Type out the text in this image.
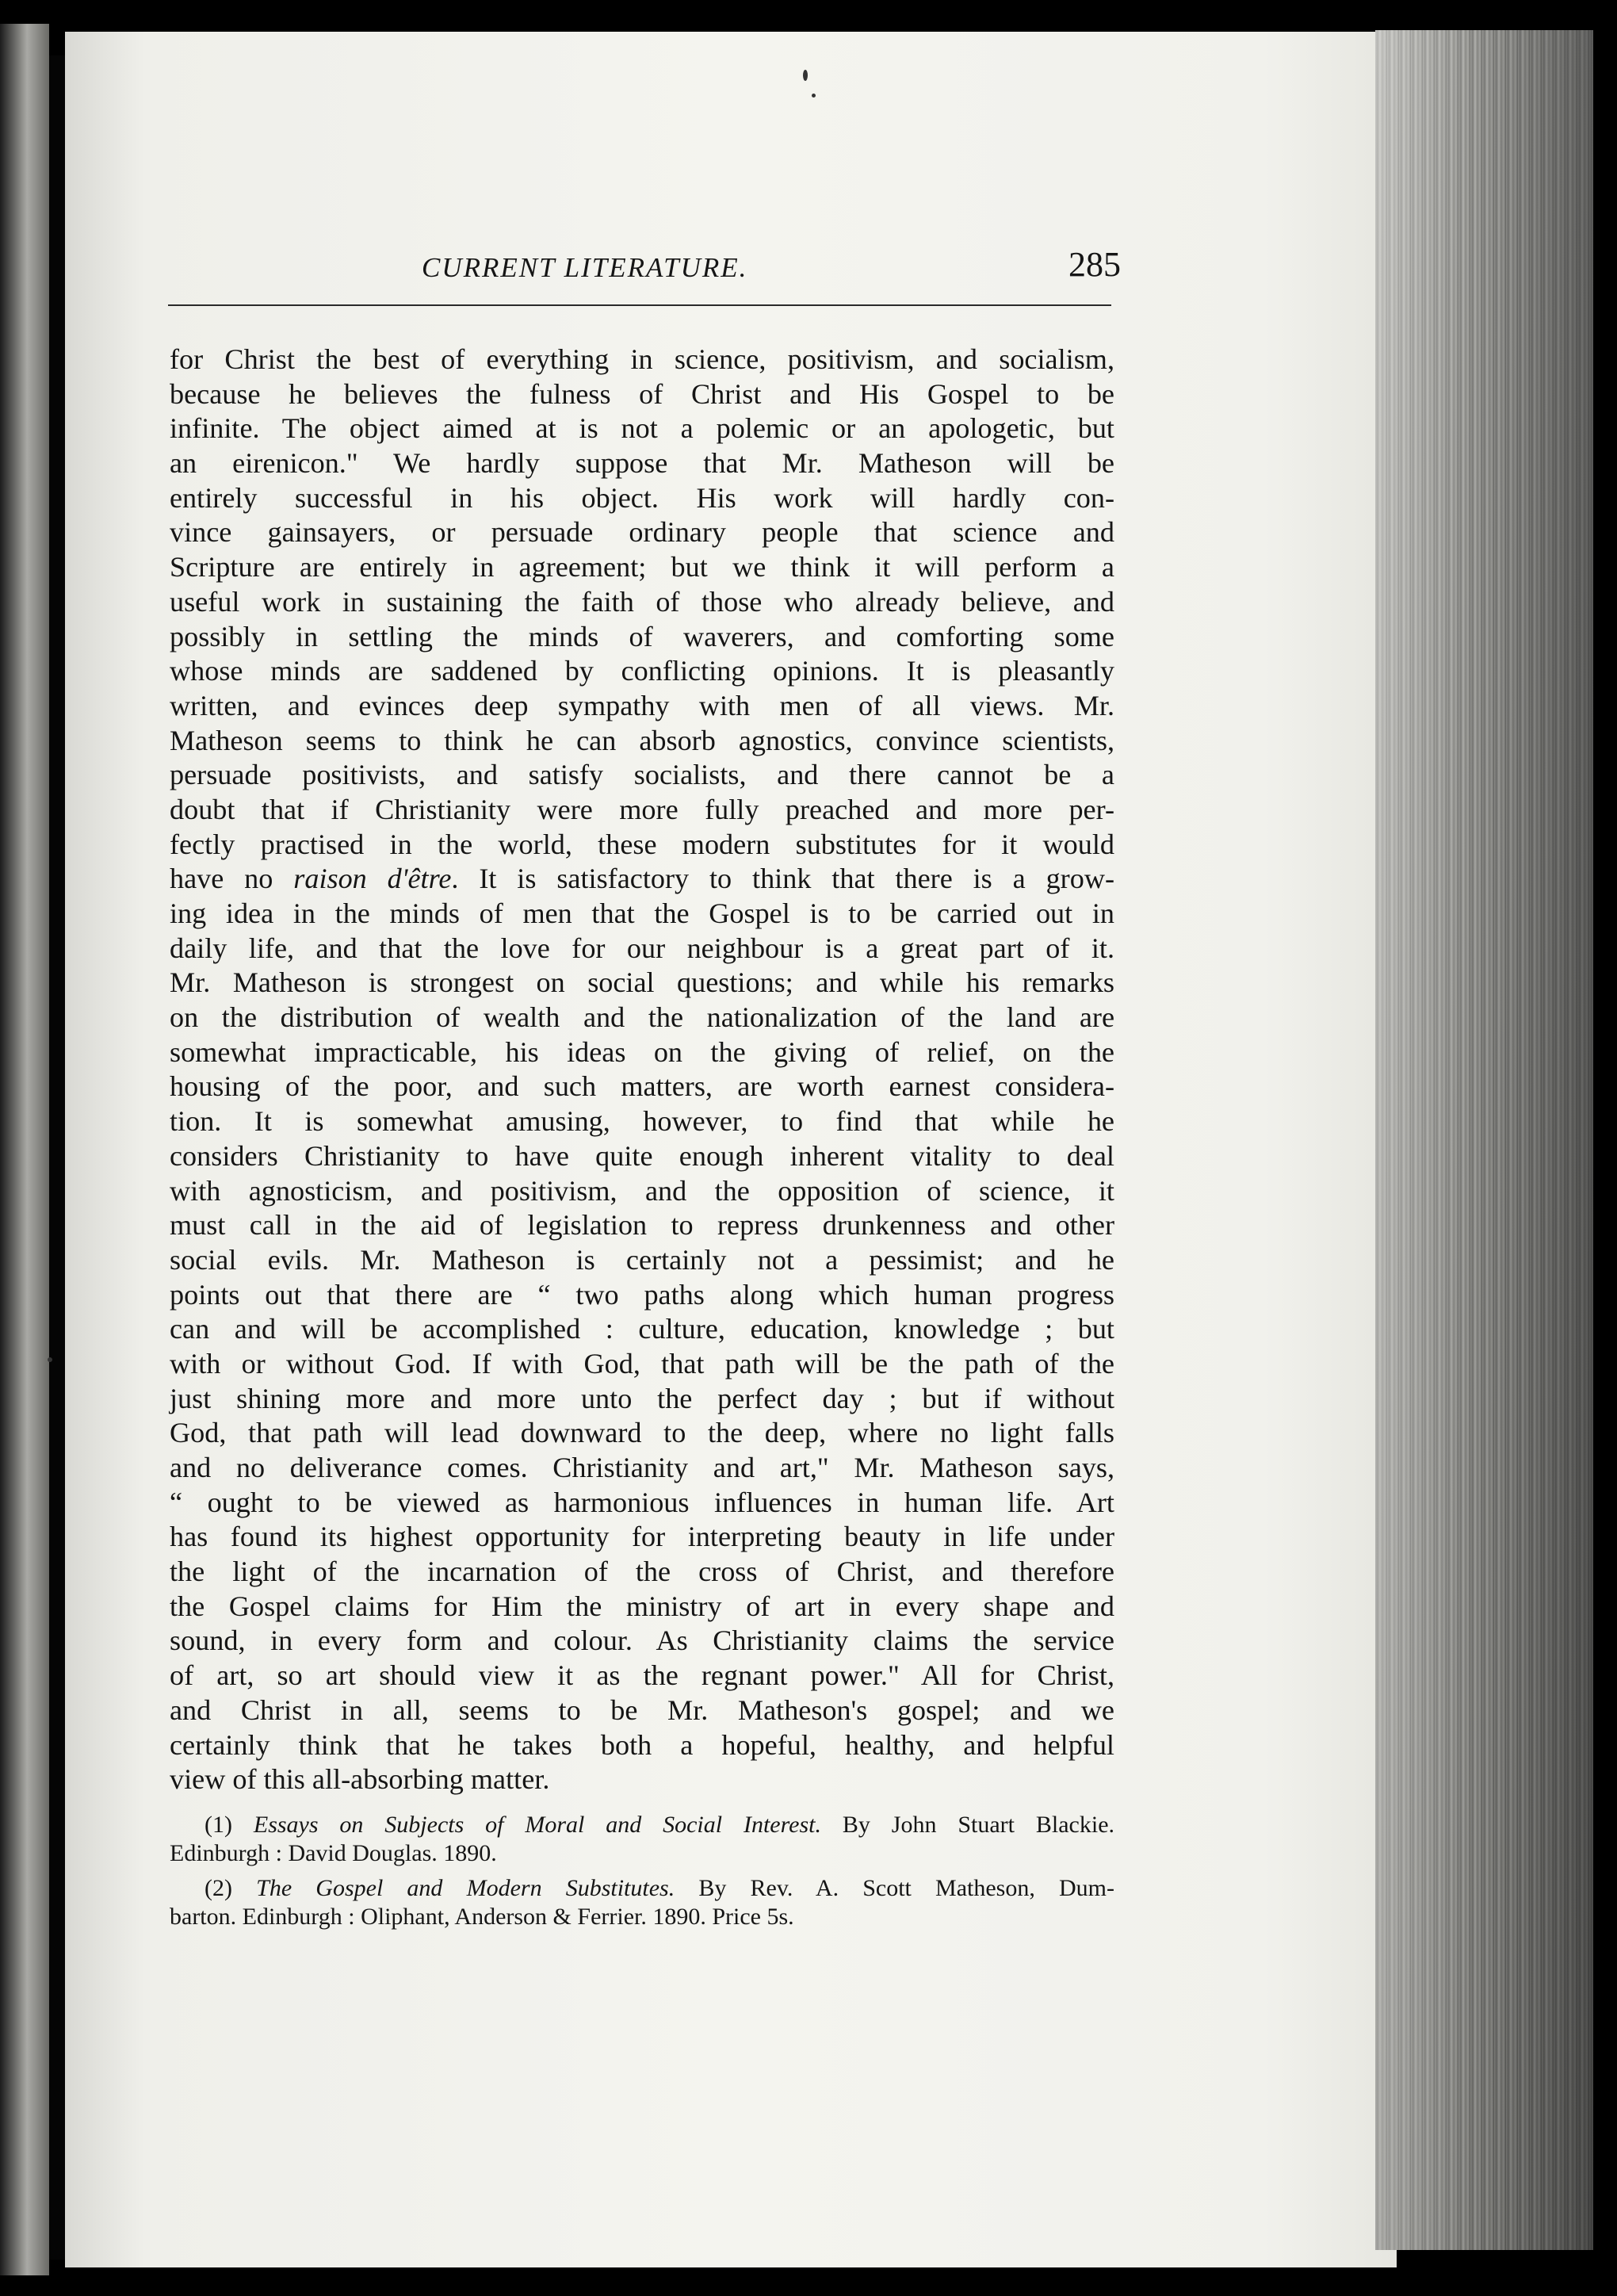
CURRENT LITERATURE.	285
for Christ the best of everything in science, positivism, and socialism,
because he believes the fulness of Christ and His Gospel to be
infinite. The object aimed at is not a polemic or an apologetic, but
an eirenicon." We hardly suppose that Mr. Matheson will be
entirely successful in his object. His work will hardly con-
vince gainsayers, or persuade ordinary people that science and
Scripture are entirely in agreement; but we think it will perform a
useful work in sustaining the faith of those who already believe, and
possibly in settling the minds of waverers, and comforting some
whose minds are saddened by conflicting opinions. It is pleasantly
written, and evinces deep sympathy with men of all views. Mr.
Matheson seems to think he can absorb agnostics, convince scientists,
persuade positivists, and satisfy socialists, and there cannot be a
doubt that if Christianity were more fully preached and more per-
fectly practised in the world, these modern substitutes for it would
have no raison d'être. It is satisfactory to think that there is a grow-
ing idea in the minds of men that the Gospel is to be carried out in
daily life, and that the love for our neighbour is a great part of it.
Mr. Matheson is strongest on social questions; and while his remarks
on the distribution of wealth and the nationalization of the land are
somewhat impracticable, his ideas on the giving of relief, on the
housing of the poor, and such matters, are worth earnest considera-
tion. It is somewhat amusing, however, to find that while he
considers Christianity to have quite enough inherent vitality to deal
with agnosticism, and positivism, and the opposition of science, it
must call in the aid of legislation to repress drunkenness and other
social evils. Mr. Matheson is certainly not a pessimist; and he
points out that there are “ two paths along which human progress
can and will be accomplished : culture, education, knowledge ; but
with or without God. If with God, that path will be the path of the
just shining more and more unto the perfect day ; but if without
God, that path will lead downward to the deep, where no light falls
and no deliverance comes. Christianity and art," Mr. Matheson says,
“ ought to be viewed as harmonious influences in human life. Art
has found its highest opportunity for interpreting beauty in life under
the light of the incarnation of the cross of Christ, and therefore
the Gospel claims for Him the ministry of art in every shape and
sound, in every form and colour. As Christianity claims the service
of art, so art should view it as the regnant power." All for Christ,
and Christ in all, seems to be Mr. Matheson's gospel; and we
certainly think that he takes both a hopeful, healthy, and helpful
view of this all-absorbing matter.
(1) Essays on Subjects of Moral and Social Interest. By John Stuart Blackie.
Edinburgh : David Douglas. 1890.
(2) The Gospel and Modern Substitutes. By Rev. A. Scott Matheson, Dum-
barton. Edinburgh : Oliphant, Anderson & Ferrier. 1890. Price 5s.
